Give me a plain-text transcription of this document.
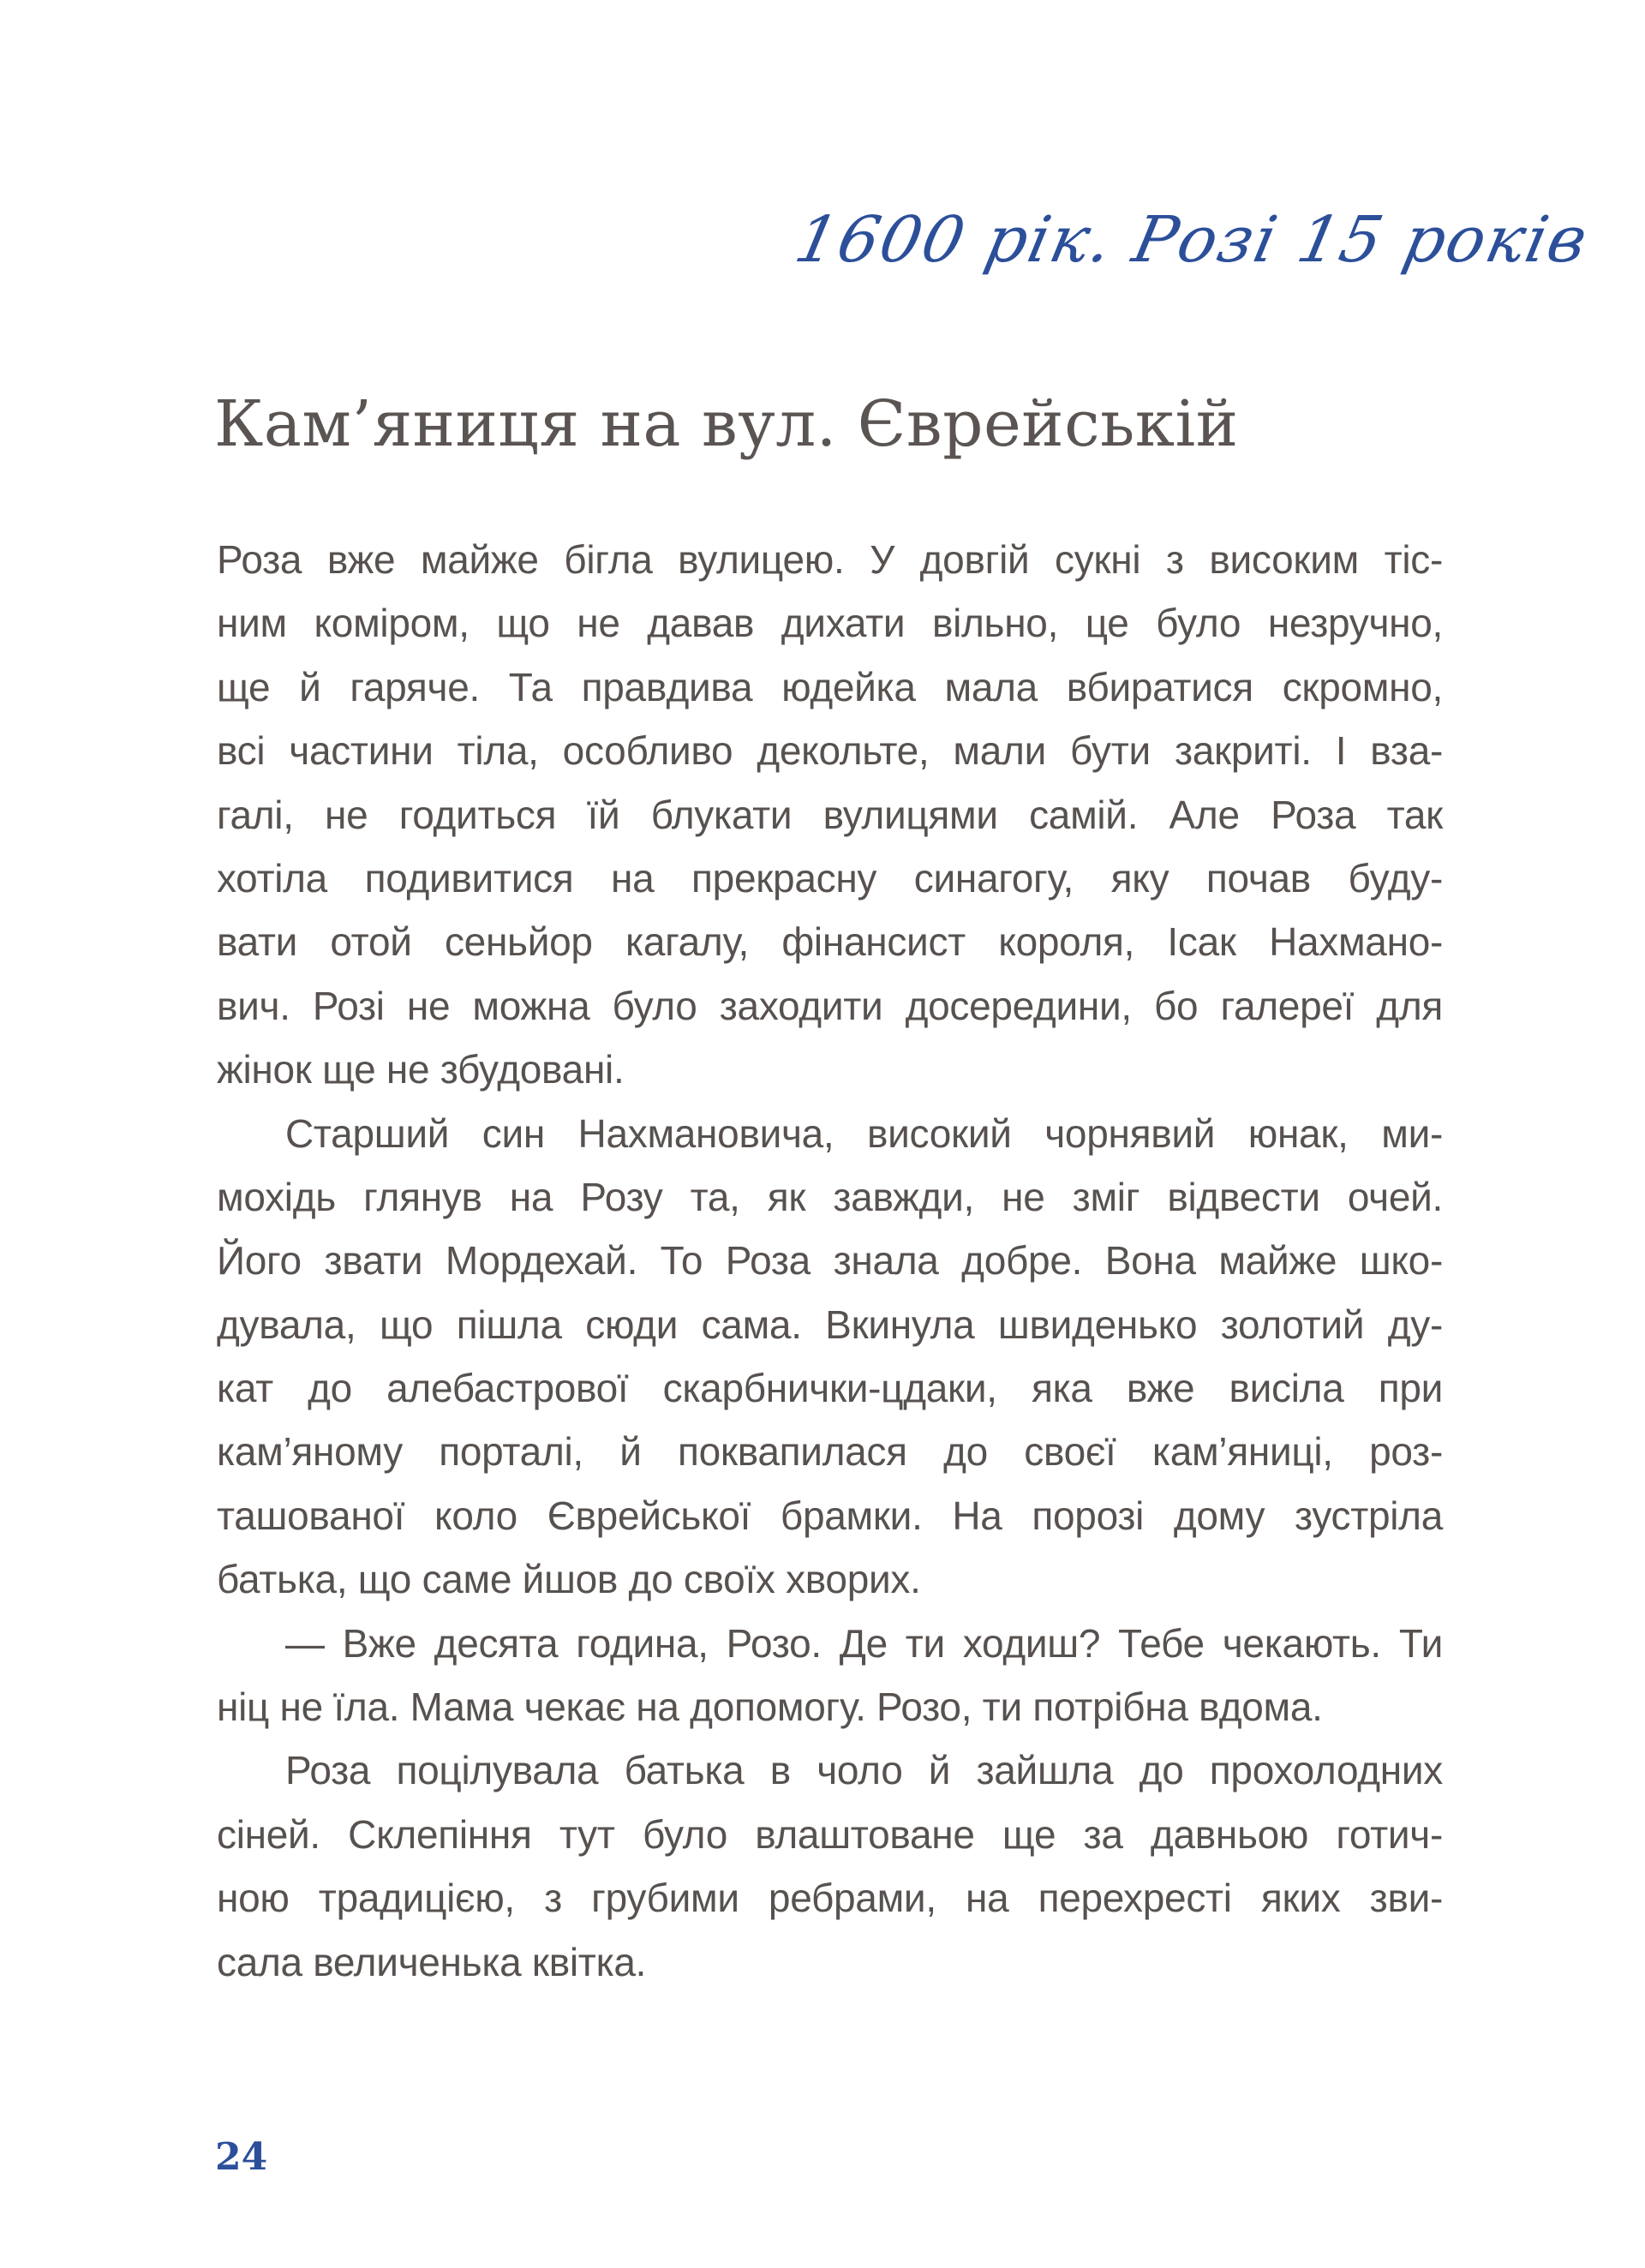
1600 рік. Розі 15 років
Кам’яниця на вул. Єврейській
Роза вже майже бігла вулицею. У довгій сукні з високим тіс-
ним коміром, що не давав дихати вільно, це було незручно,
ще й гаряче. Та правдива юдейка мала вбиратися скромно,
всі частини тіла, особливо декольте, мали бути закриті. І вза-
галі, не годиться їй блукати вулицями самій. Але Роза так
хотіла подивитися на прекрасну синагогу, яку почав буду-
вати отой сеньйор кагалу, фінансист короля, Ісак Нахмано-
вич. Розі не можна було заходити досередини, бо галереї для
жінок ще не збудовані.
Старший син Нахмановича, високий чорнявий юнак, ми-
мохідь глянув на Розу та, як завжди, не зміг відвести очей.
Його звати Мордехай. То Роза знала добре. Вона майже шко-
дувала, що пішла сюди сама. Вкинула швиденько золотий ду-
кат до алебастрової скарбнички-цдаки, яка вже висіла при
кам’яному порталі, й поквапилася до своєї кам’яниці, роз-
ташованої коло Єврейської брамки. На порозі дому зустріла
батька, що саме йшов до своїх хворих.
— Вже десята година, Розо. Де ти ходиш? Тебе чекають. Ти
ніц не їла. Мама чекає на допомогу. Розо, ти потрібна вдома.
Роза поцілувала батька в чоло й зайшла до прохолодних
сіней. Склепіння тут було влаштоване ще за давньою готич-
ною традицією, з грубими ребрами, на перехресті яких зви-
сала величенька квітка.
24
